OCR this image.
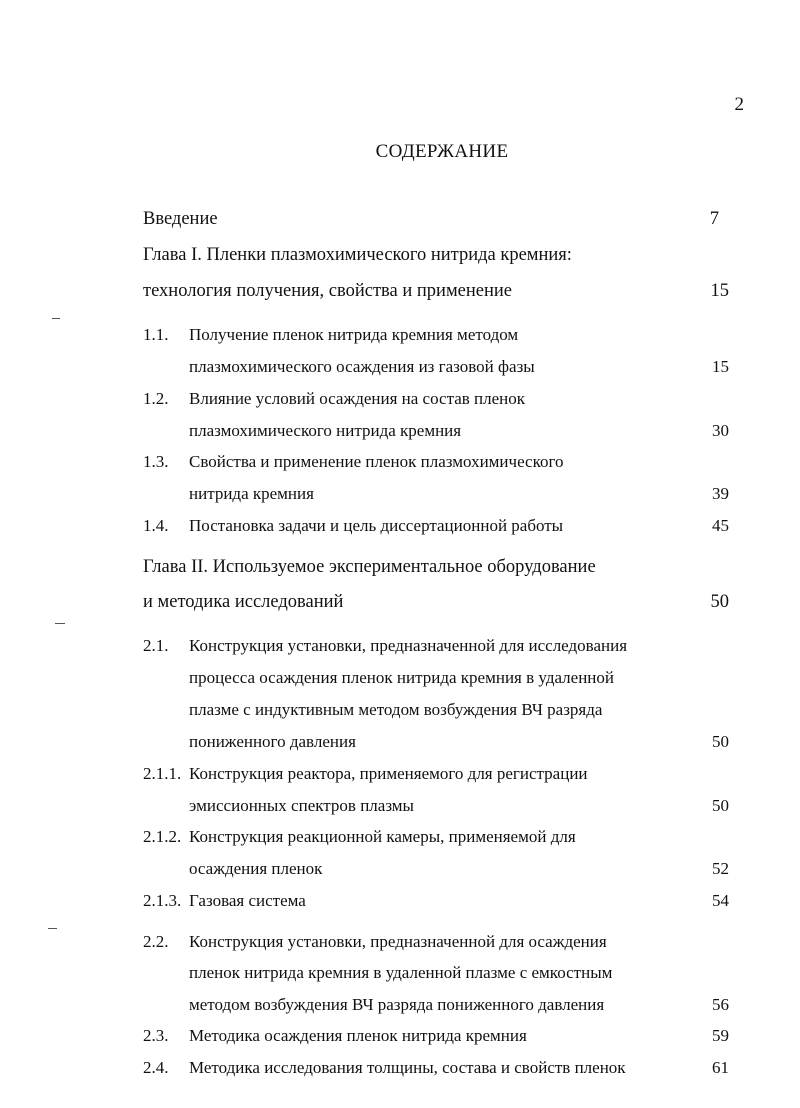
2
СОДЕРЖАНИЕ
Введение	7
Глава I. Пленки плазмохимического нитрида кремния:
технология получения, свойства и применение	15
1.1. Получение пленок нитрида кремния методом
плазмохимического осаждения из газовой фазы	15
1.2. Влияние условий осаждения на состав пленок
плазмохимического нитрида кремния	30
1.3. Свойства и применение пленок плазмохимического
нитрида кремния	39
1.4. Постановка задачи и цель диссертационной работы	45
Глава II. Используемое экспериментальное оборудование
и методика исследований	50
2.1. Конструкция установки, предназначенной для исследования
процесса осаждения пленок нитрида кремния в удаленной
плазме с индуктивным методом возбуждения ВЧ разряда
пониженного давления	50
2.1.1. Конструкция реактора, применяемого для регистрации
эмиссионных спектров плазмы	50
2.1.2. Конструкция реакционной камеры, применяемой для
осаждения пленок	52
2.1.3. Газовая система	54
2.2. Конструкция установки, предназначенной для осаждения
пленок нитрида кремния в удаленной плазме с емкостным
методом возбуждения ВЧ разряда пониженного давления	56
2.3. Методика осаждения пленок нитрида кремния	59
2.4. Методика исследования толщины, состава и свойств пленок	61
